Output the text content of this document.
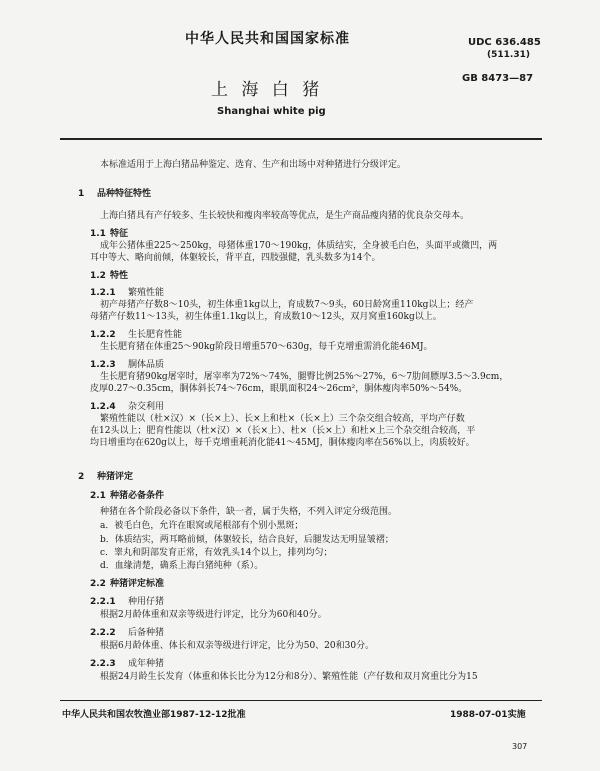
中华人民共和国国家标准	UDC 636.485
(511.31)
上 海 白 猪
GB 8473—87
Shanghai white pig
本标准适用于上海白猪品种鉴定、选育、生产和出场中对种猪进行分级评定。
1 品种特征特性
上海白猪具有产仔较多、生长较快和瘦肉率较高等优点，是生产商品瘦肉猪的优良杂交母本。
1.1 特征
成年公猪体重225～250kg，母猪体重170～190kg，体质结实，全身被毛白色，头面平或微凹，两
耳中等大、略向前倾，体躯较长，背平直，四肢强健，乳头数多为14个。
1.2 特性
1.2.1 繁殖性能
初产母猪产仔数8～10头，初生体重1kg以上，育成数7～9头，60日龄窝重110kg以上；经产
母猪产仔数11～13头，初生体重1.1kg以上，育成数10～12头，双月窝重160kg以上。
1.2.2 生长肥育性能
生长肥育猪在体重25～90kg阶段日增重570～630g，每千克增重需消化能46MJ。
1.2.3 胴体品质
生长肥育猪90kg屠宰时，屠宰率为72%～74%，腿臀比例25%～27%，6～7肋间膘厚3.5～3.9cm，
皮厚0.27～0.35cm，胴体斜长74～76cm，眼肌面积24～26cm²，胴体瘦肉率50%～54%。
1.2.4 杂交利用
繁殖性能以（杜×汉）×（长×上）、长×上和杜×（长×上）三个杂交组合较高，平均产仔数
在12头以上；肥育性能以（杜×汉）×（长×上）、杜×（长×上）和杜×上三个杂交组合较高，平
均日增重均在620g以上，每千克增重耗消化能41～45MJ，胴体瘦肉率在56%以上，肉质较好。
2 种猪评定
2.1 种猪必备条件
种猪在各个阶段必备以下条件，缺一者，属于失格，不列入评定分级范围。
a．被毛白色，允许在眼窝或尾根部有个别小黑斑；
b．体质结实，两耳略前倾，体躯较长，结合良好，后腿发达无明显皱褶；
c．睾丸和阴部发育正常，有效乳头14个以上，排列均匀；
d．血缘清楚，确系上海白猪纯种（系）。
2.2 种猪评定标准
2.2.1 种用仔猪
根据2月龄体重和双亲等级进行评定，比分为60和40分。
2.2.2 后备种猪
根据6月龄体重、体长和双亲等级进行评定，比分为50、20和30分。
2.2.3 成年种猪
根据24月龄生长发育（体重和体长比分为12分和8分）、繁殖性能（产仔数和双月窝重比分为15
中华人民共和国农牧渔业部1987-12-12批准	1988-07-01实施
307
